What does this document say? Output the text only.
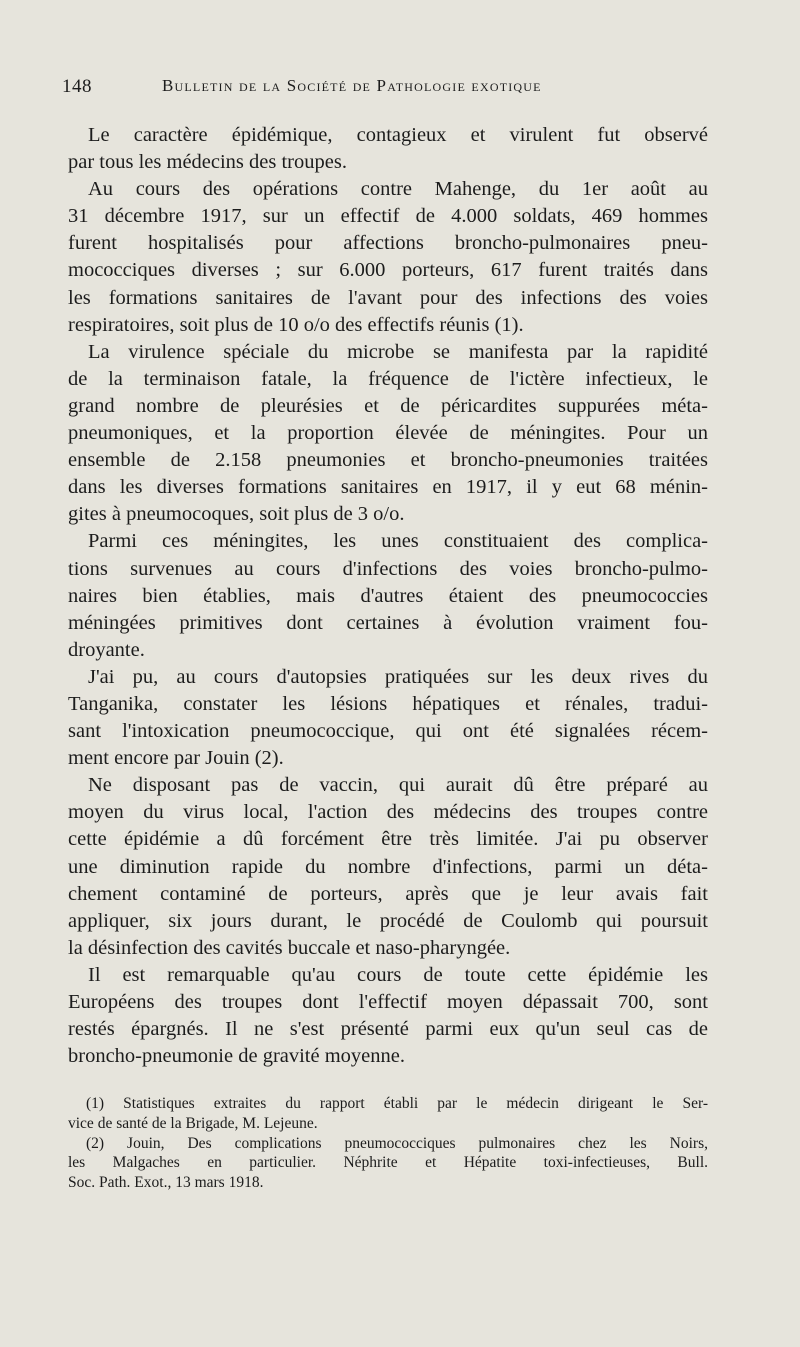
148	Bulletin de la Société de Pathologie exotique
Le caractère épidémique, contagieux et virulent fut observé
par tous les médecins des troupes.
Au cours des opérations contre Mahenge, du 1er août au
31 décembre 1917, sur un effectif de 4.000 soldats, 469 hommes
furent hospitalisés pour affections broncho-pulmonaires pneu-
mococciques diverses ; sur 6.000 porteurs, 617 furent traités dans
les formations sanitaires de l'avant pour des infections des voies
respiratoires, soit plus de 10 o/o des effectifs réunis (1).
La virulence spéciale du microbe se manifesta par la rapidité
de la terminaison fatale, la fréquence de l'ictère infectieux, le
grand nombre de pleurésies et de péricardites suppurées méta-
pneumoniques, et la proportion élevée de méningites. Pour un
ensemble de 2.158 pneumonies et broncho-pneumonies traitées
dans les diverses formations sanitaires en 1917, il y eut 68 ménin-
gites à pneumocoques, soit plus de 3 o/o.
Parmi ces méningites, les unes constituaient des complica-
tions survenues au cours d'infections des voies broncho-pulmo-
naires bien établies, mais d'autres étaient des pneumococcies
méningées primitives dont certaines à évolution vraiment fou-
droyante.
J'ai pu, au cours d'autopsies pratiquées sur les deux rives du
Tanganika, constater les lésions hépatiques et rénales, tradui-
sant l'intoxication pneumococcique, qui ont été signalées récem-
ment encore par Jouin (2).
Ne disposant pas de vaccin, qui aurait dû être préparé au
moyen du virus local, l'action des médecins des troupes contre
cette épidémie a dû forcément être très limitée. J'ai pu observer
une diminution rapide du nombre d'infections, parmi un déta-
chement contaminé de porteurs, après que je leur avais fait
appliquer, six jours durant, le procédé de Coulomb qui poursuit
la désinfection des cavités buccale et naso-pharyngée.
Il est remarquable qu'au cours de toute cette épidémie les
Européens des troupes dont l'effectif moyen dépassait 700, sont
restés épargnés. Il ne s'est présenté parmi eux qu'un seul cas de
broncho-pneumonie de gravité moyenne.
(1) Statistiques extraites du rapport établi par le médecin dirigeant le Ser-
vice de santé de la Brigade, M. Lejeune.
(2) Jouin, Des complications pneumococciques pulmonaires chez les Noirs,
les Malgaches en particulier. Néphrite et Hépatite toxi-infectieuses, Bull.
Soc. Path. Exot., 13 mars 1918.
